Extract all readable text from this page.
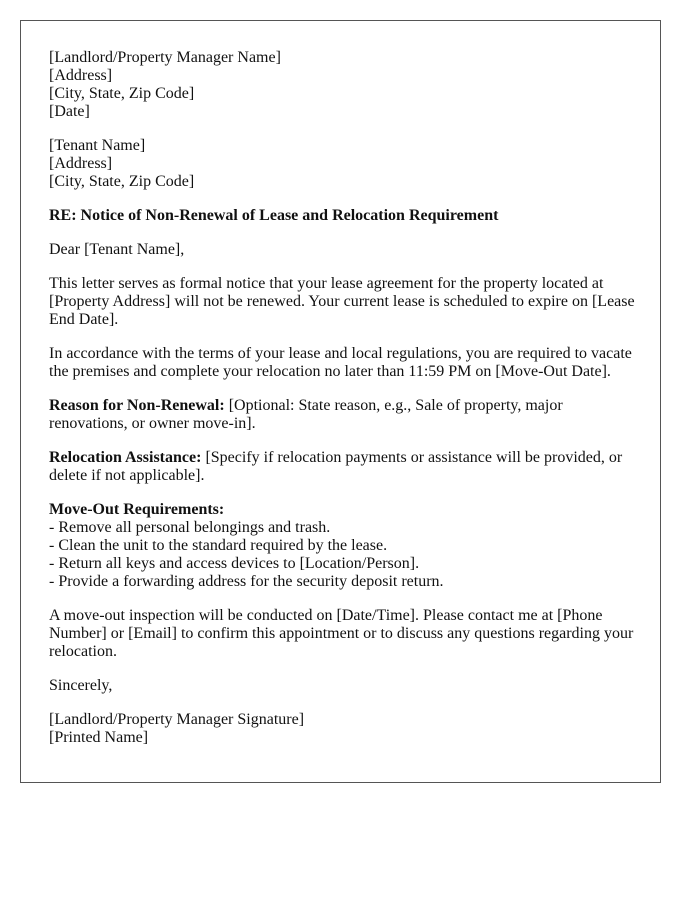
[Landlord/Property Manager Name]
[Address]
[City, State, Zip Code]
[Date]

[Tenant Name]
[Address]
[City, State, Zip Code]

RE: Notice of Non-Renewal of Lease and Relocation Requirement

Dear [Tenant Name],

This letter serves as formal notice that your lease agreement for the property located at [Property Address] will not be renewed. Your current lease is scheduled to expire on [Lease End Date].

In accordance with the terms of your lease and local regulations, you are required to vacate the premises and complete your relocation no later than 11:59 PM on [Move-Out Date].

Reason for Non-Renewal: [Optional: State reason, e.g., Sale of property, major renovations, or owner move-in].

Relocation Assistance: [Specify if relocation payments or assistance will be provided, or delete if not applicable].

Move-Out Requirements:
- Remove all personal belongings and trash.
- Clean the unit to the standard required by the lease.
- Return all keys and access devices to [Location/Person].
- Provide a forwarding address for the security deposit return.

A move-out inspection will be conducted on [Date/Time]. Please contact me at [Phone Number] or [Email] to confirm this appointment or to discuss any questions regarding your relocation.

Sincerely,

[Landlord/Property Manager Signature]
[Printed Name]
